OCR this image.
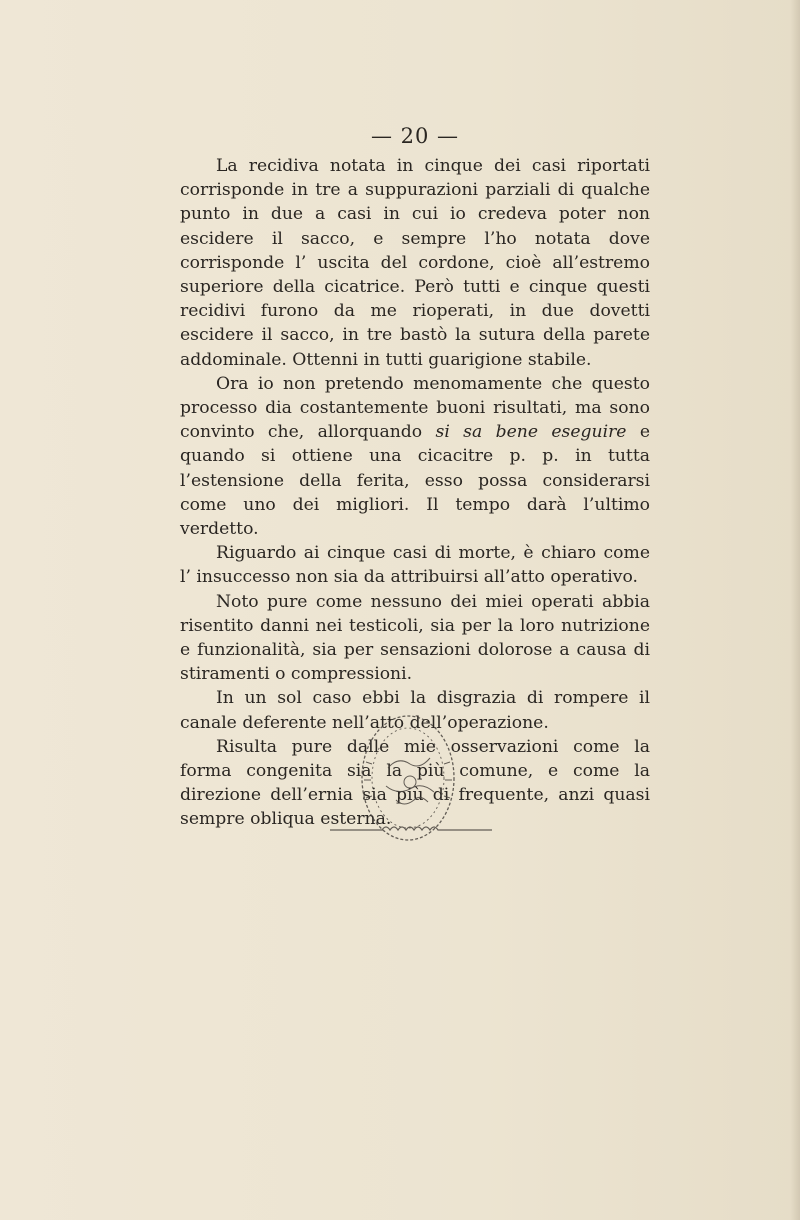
— 20 —

La recidiva notata in cinque dei casi riportati corrisponde in tre a suppurazioni parziali di qualche punto in due a casi in cui io credeva poter non escidere il sacco, e sempre l’ho notata dove corrisponde l’ uscita del cordone, cioè all’estremo superiore della cicatrice. Però tutti e cinque questi recidivi furono da me rioperati, in due dovetti escidere il sacco, in tre bastò la sutura della parete addominale. Ottenni in tutti guarigione stabile.

Ora io non pretendo menomamente che questo processo dia costantemente buoni risultati, ma sono convinto che, allorquando si sa bene eseguire e quando si ottiene una cicacitre p. p. in tutta l’estensione della ferita, esso possa considerarsi come uno dei migliori. Il tempo darà l’ultimo verdetto.

Riguardo ai cinque casi di morte, è chiaro come l’ insuccesso non sia da attribuirsi all’atto operativo.

Noto pure come nessuno dei miei operati abbia risentito danni nei testicoli, sia per la loro nutrizione e funzionalità, sia per sensazioni dolorose a causa di stiramenti o compressioni.

In un sol caso ebbi la disgrazia di rompere il canale deferente nell’atto dell’operazione.

Risulta pure dalle mie osservazioni come la forma congenita sia la più comune, e come la direzione dell’ernia sia più di frequente, anzi quasi sempre obliqua esterna.
